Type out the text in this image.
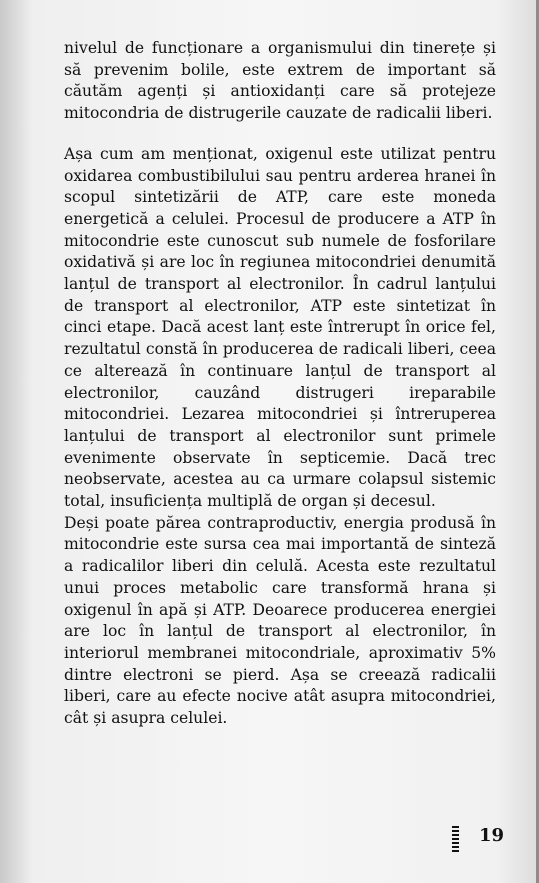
nivelul de funcționare a organismului din tinerețe și să prevenim bolile, este extrem de important să căutăm agenți și antioxidanți care să protejeze mitocondria de distrugerile cauzate de radicalii liberi.

Așa cum am menționat, oxigenul este utilizat pentru oxidarea combustibilului sau pentru arderea hranei în scopul sintetizării de ATP, care este moneda energetică a celulei. Procesul de producere a ATP în mitocondrie este cunoscut sub numele de fosforilare oxidativă și are loc în regiunea mitocondriei denumită lanțul de transport al electronilor. În cadrul lanțului de transport al electronilor, ATP este sintetizat în cinci etape. Dacă acest lanț este întrerupt în orice fel, rezultatul constă în producerea de radicali liberi, ceea ce alterează în continuare lanțul de transport al electronilor, cauzând distrugeri ireparabile mitocondriei. Lezarea mitocondriei și întreruperea lanțului de transport al electronilor sunt primele evenimente observate în septicemie. Dacă trec neobservate, acestea au ca urmare colapsul sistemic total, insuficiența multiplă de organ și decesul.

Deși poate părea contraproductiv, energia produsă în mitocondrie este sursa cea mai importantă de sinteză a radicalilor liberi din celulă. Acesta este rezultatul unui proces metabolic care transformă hrana și oxigenul în apă și ATP. Deoarece producerea energiei are loc în lanțul de transport al electronilor, în interiorul membranei mitocondriale, aproximativ 5% dintre electroni se pierd. Așa se creează radicalii liberi, care au efecte nocive atât asupra mitocondriei, cât și asupra celulei.

19
